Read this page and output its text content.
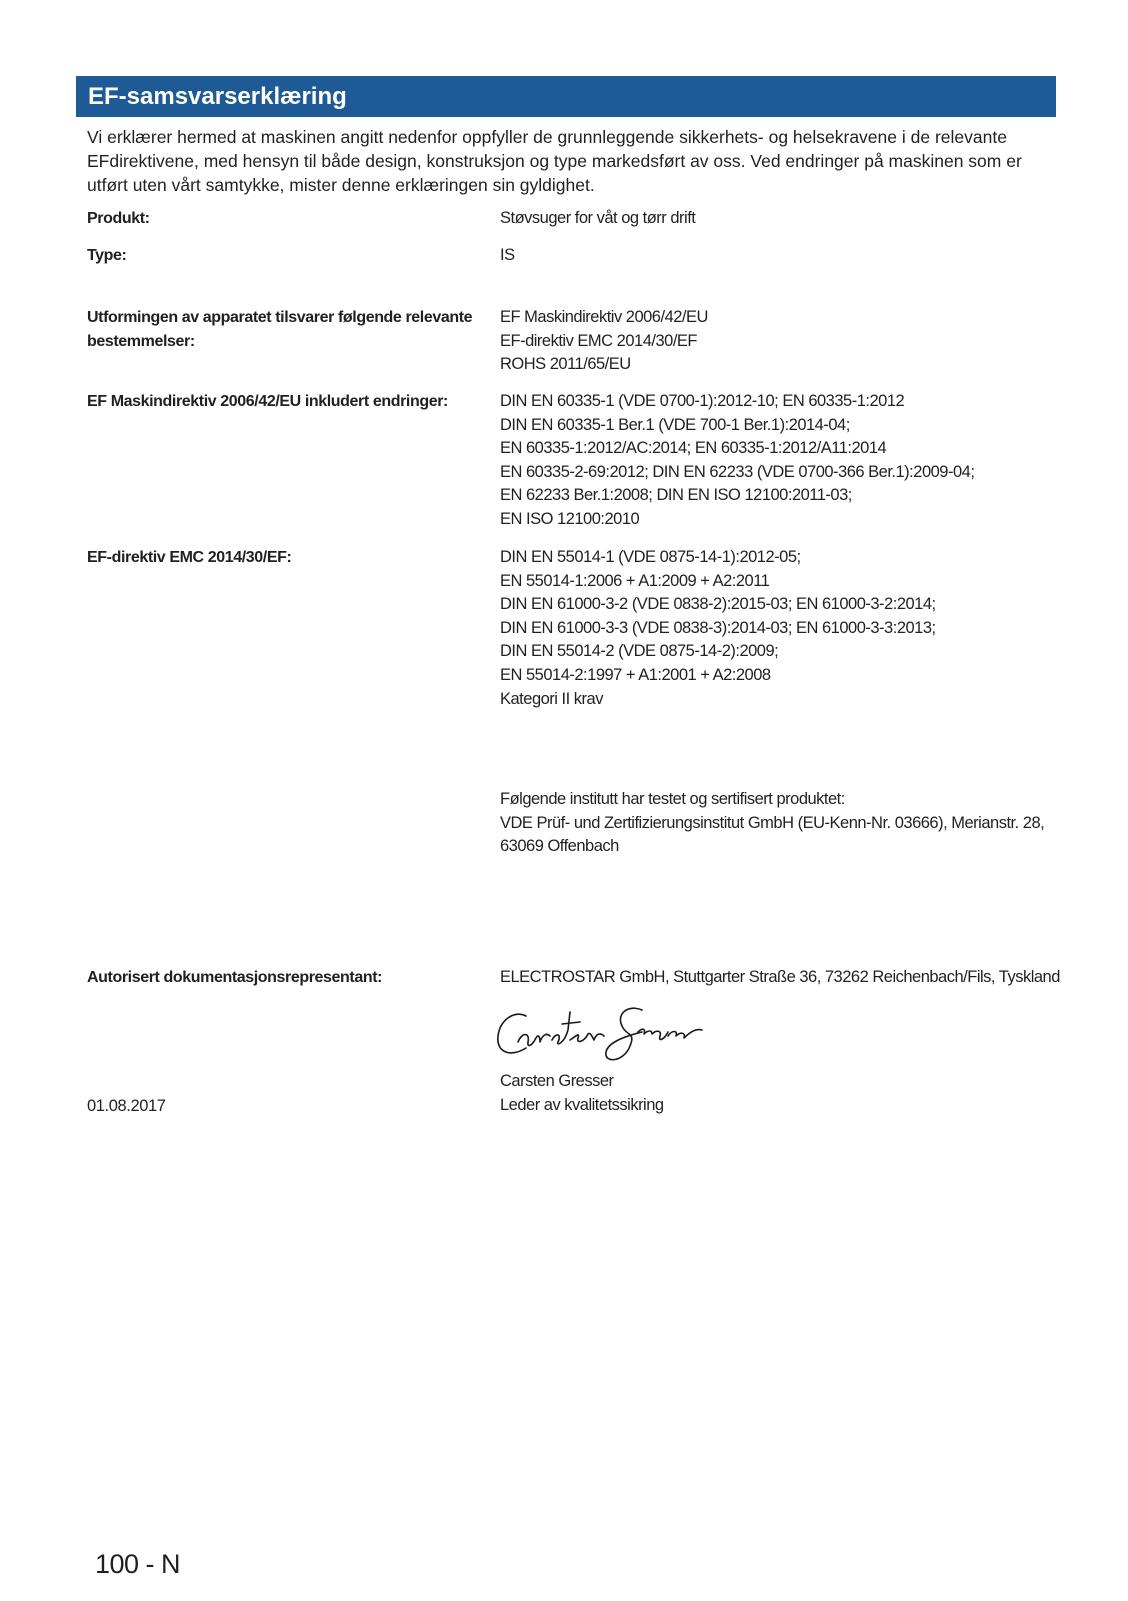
EF-samsvarserklæring

Vi erklærer hermed at maskinen angitt nedenfor oppfyller de grunnleggende sikkerhets- og helsekravene i de relevante
EFdirektivene, med hensyn til både design, konstruksjon og type markedsført av oss. Ved endringer på maskinen som er
utført uten vårt samtykke, mister denne erklæringen sin gyldighet.

Produkt:	Støvsuger for våt og tørr drift
Type:	IS
Utformingen av apparatet tilsvarer følgende relevante
bestemmelser:
EF Maskindirektiv 2006/42/EU
EF-direktiv EMC 2014/30/EF
ROHS 2011/65/EU
EF Maskindirektiv 2006/42/EU inkludert endringer:	DIN EN 60335-1 (VDE 0700-1):2012-10; EN 60335-1:2012
DIN EN 60335-1 Ber.1 (VDE 700-1 Ber.1):2014-04;
EN 60335-1:2012/AC:2014; EN 60335-1:2012/A11:2014
EN 60335-2-69:2012; DIN EN 62233 (VDE 0700-366 Ber.1):2009-04;
EN 62233 Ber.1:2008; DIN EN ISO 12100:2011-03;
EN ISO 12100:2010
EF-direktiv EMC 2014/30/EF:	DIN EN 55014-1 (VDE 0875-14-1):2012-05;
EN 55014-1:2006 + A1:2009 + A2:2011
DIN EN 61000-3-2 (VDE 0838-2):2015-03; EN 61000-3-2:2014;
DIN EN 61000-3-3 (VDE 0838-3):2014-03; EN 61000-3-3:2013;
DIN EN 55014-2 (VDE 0875-14-2):2009;
EN 55014-2:1997 + A1:2001 + A2:2008
Kategori II krav
Følgende institutt har testet og sertifisert produktet:
VDE Prüf- und Zertifizierungsinstitut GmbH (EU-Kenn-Nr. 03666), Merianstr. 28,
63069 Offenbach
Autorisert dokumentasjonsrepresentant:	ELECTROSTAR GmbH, Stuttgarter Straße 36, 73262 Reichenbach/Fils, Tyskland
Carsten Gresser
Leder av kvalitetssikring
01.08.2017
100 - N
